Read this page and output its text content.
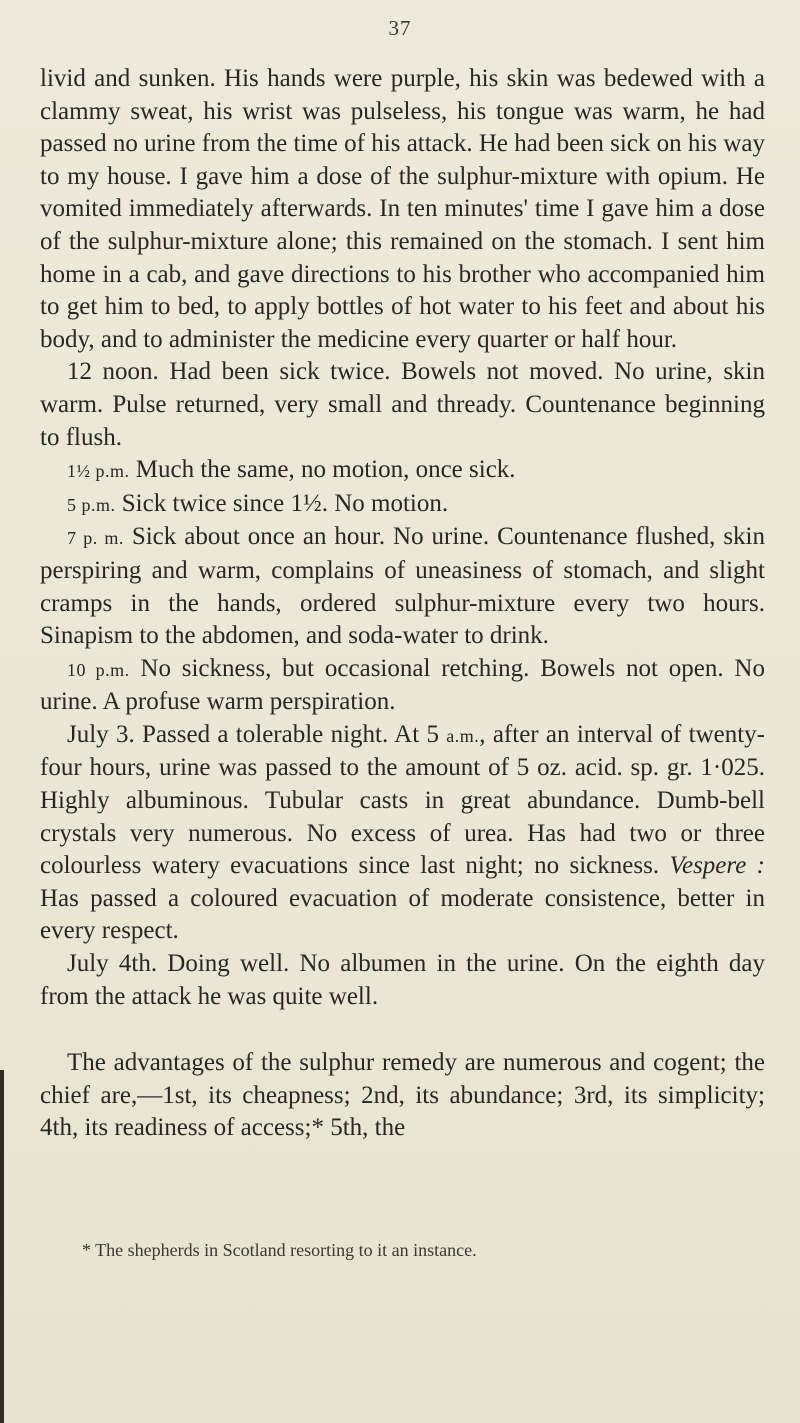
37

livid and sunken. His hands were purple, his skin was bedewed with a clammy sweat, his wrist was pulseless, his tongue was warm, he had passed no urine from the time of his attack. He had been sick on his way to my house. I gave him a dose of the sulphur-mixture with opium. He vomited immediately afterwards. In ten minutes' time I gave him a dose of the sulphur-mixture alone; this remained on the stomach. I sent him home in a cab, and gave directions to his brother who accompanied him to get him to bed, to apply bottles of hot water to his feet and about his body, and to administer the medicine every quarter or half hour.

12 noon. Had been sick twice. Bowels not moved. No urine, skin warm. Pulse returned, very small and thready. Countenance beginning to flush.

1½ p.m. Much the same, no motion, once sick.

5 p.m. Sick twice since 1½. No motion.

7 p. m. Sick about once an hour. No urine. Countenance flushed, skin perspiring and warm, complains of uneasiness of stomach, and slight cramps in the hands, ordered sulphur-mixture every two hours. Sinapism to the abdomen, and soda-water to drink.

10 p.m. No sickness, but occasional retching. Bowels not open. No urine. A profuse warm perspiration.

July 3. Passed a tolerable night. At 5 a.m., after an interval of twenty-four hours, urine was passed to the amount of 5 oz. acid. sp. gr. 1·025. Highly albuminous. Tubular casts in great abundance. Dumb-bell crystals very numerous. No excess of urea. Has had two or three colourless watery evacuations since last night; no sickness. Vespere : Has passed a coloured evacuation of moderate consistence, better in every respect.

July 4th. Doing well. No albumen in the urine. On the eighth day from the attack he was quite well.

The advantages of the sulphur remedy are numerous and cogent; the chief are,—1st, its cheapness; 2nd, its abundance; 3rd, its simplicity; 4th, its readiness of access;* 5th, the

* The shepherds in Scotland resorting to it an instance.
